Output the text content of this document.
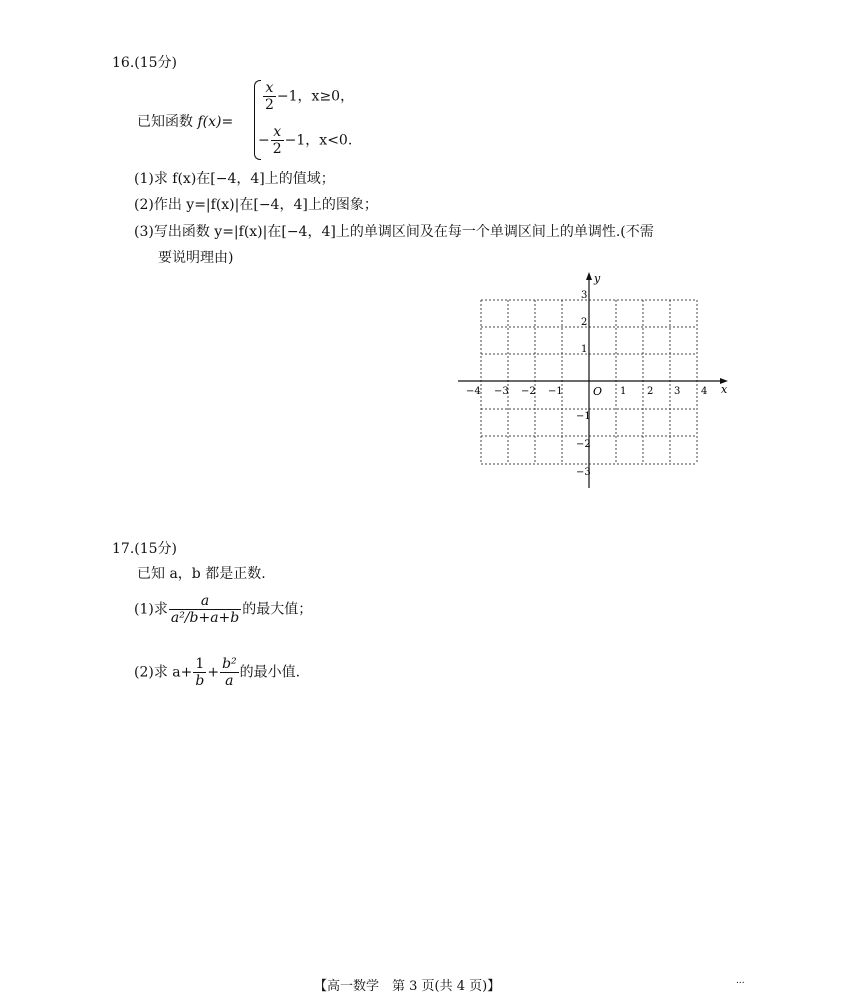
16.(15分)
已知函数 f(x)=
$\frac{x}{2} -1$，x≥0，
− $\frac{x}{2} -1$，x<0.
(1)求 f(x)在[−4，4]上的值域；
(2)作出 y=|f(x)|在[−4，4]上的图象；
(3)写出函数 y=|f(x)|在[−4，4]上的单调区间及在每一个单调区间上的单调性.(不需
要说明理由)
y
x
O
−4 −3 −2 −1	1 2 3 4
3
2
1
−1
−2
−3
17.(15分)
已知 a，b 都是正数.
(1)求 $\frac{a}{\text{a²/b+a+b}}$ 的最大值；
(2)求 $a+ \frac{1}{b} + \frac{\text{b²}}{a}$ 的最小值.
【高一数学　第 3 页(共 4 页)】	...
